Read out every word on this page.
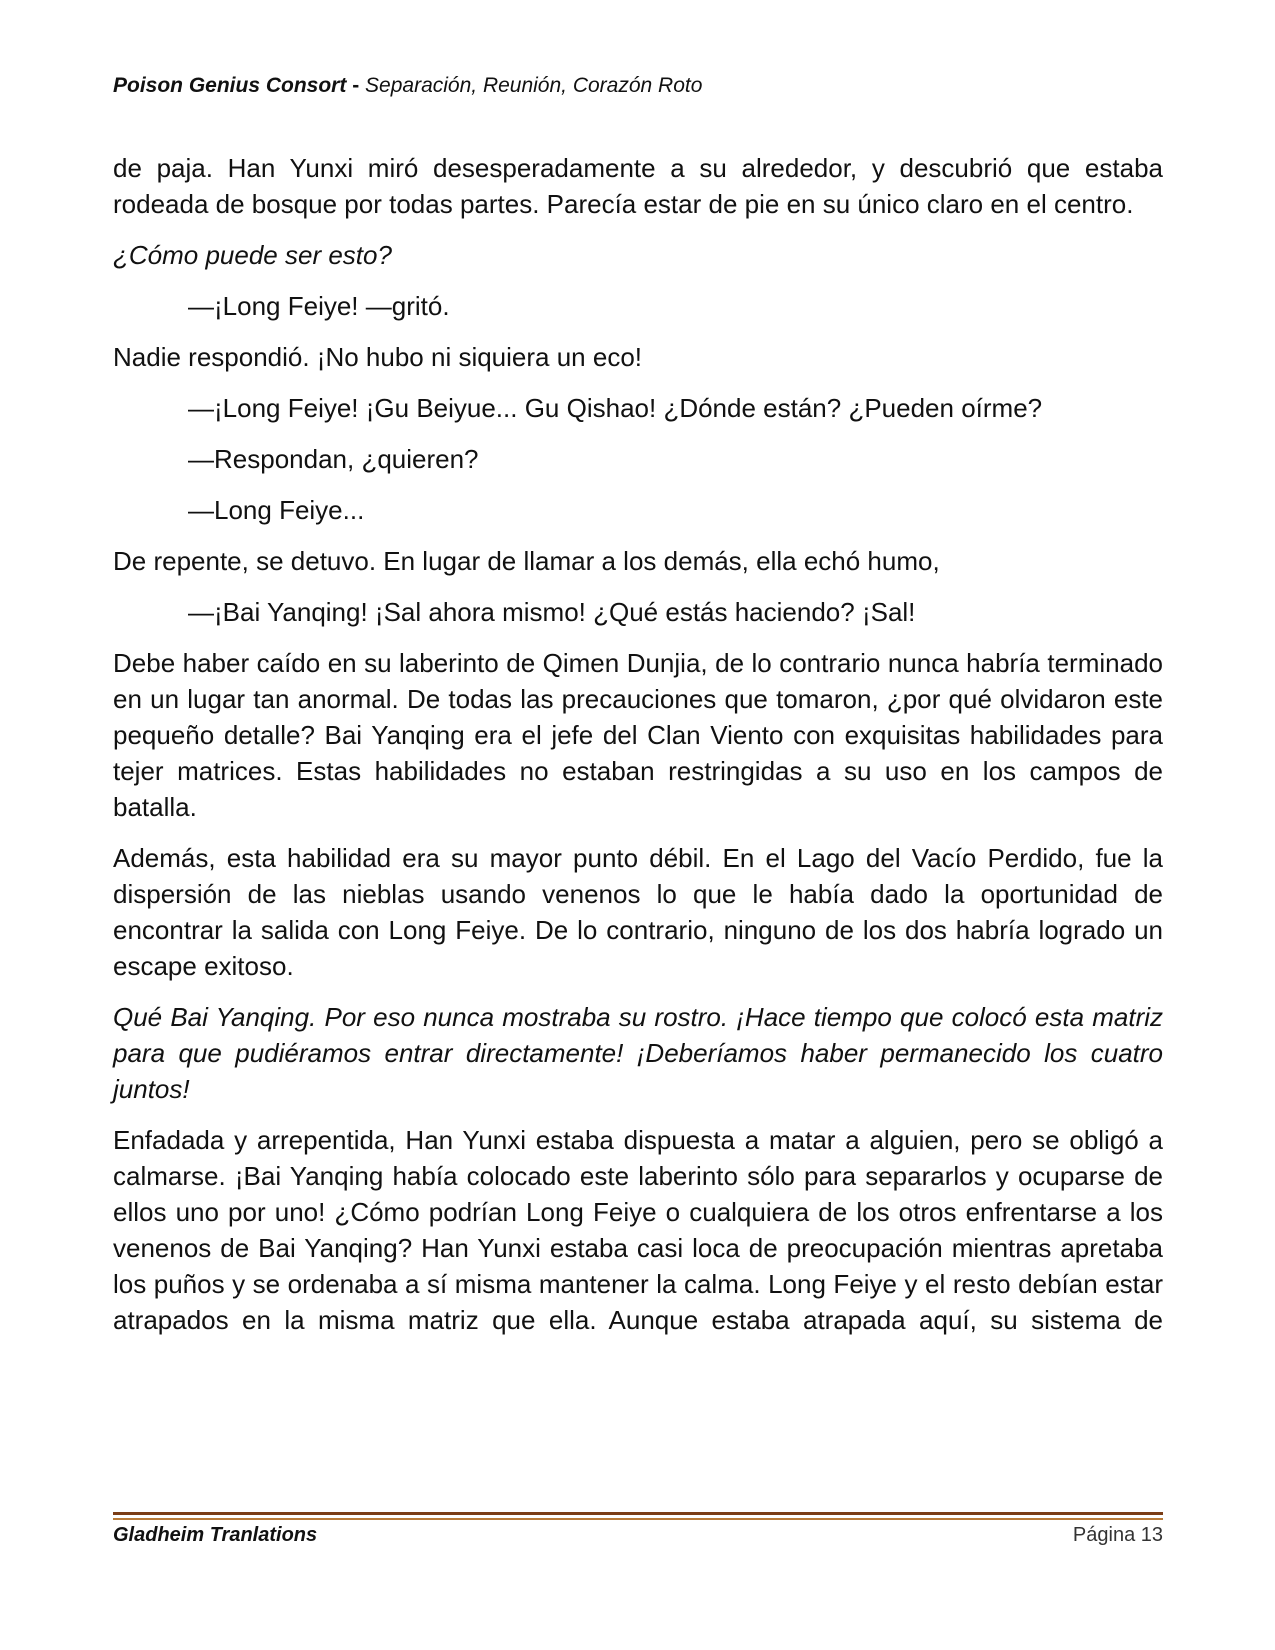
Poison Genius Consort - Separación, Reunión, Corazón Roto

de paja. Han Yunxi miró desesperadamente a su alrededor, y descubrió que estaba rodeada de bosque por todas partes. Parecía estar de pie en su único claro en el centro.

¿Cómo puede ser esto?

—¡Long Feiye! —gritó.

Nadie respondió. ¡No hubo ni siquiera un eco!

—¡Long Feiye! ¡Gu Beiyue... Gu Qishao! ¿Dónde están? ¿Pueden oírme?

—Respondan, ¿quieren?

—Long Feiye...

De repente, se detuvo. En lugar de llamar a los demás, ella echó humo,

—¡Bai Yanqing! ¡Sal ahora mismo! ¿Qué estás haciendo? ¡Sal!

Debe haber caído en su laberinto de Qimen Dunjia, de lo contrario nunca habría terminado en un lugar tan anormal. De todas las precauciones que tomaron, ¿por qué olvidaron este pequeño detalle? Bai Yanqing era el jefe del Clan Viento con exquisitas habilidades para tejer matrices. Estas habilidades no estaban restringidas a su uso en los campos de batalla.

Además, esta habilidad era su mayor punto débil. En el Lago del Vacío Perdido, fue la dispersión de las nieblas usando venenos lo que le había dado la oportunidad de encontrar la salida con Long Feiye. De lo contrario, ninguno de los dos habría logrado un escape exitoso.

Qué Bai Yanqing. Por eso nunca mostraba su rostro. ¡Hace tiempo que colocó esta matriz para que pudiéramos entrar directamente! ¡Deberíamos haber permanecido los cuatro juntos!

Enfadada y arrepentida, Han Yunxi estaba dispuesta a matar a alguien, pero se obligó a calmarse. ¡Bai Yanqing había colocado este laberinto sólo para separarlos y ocuparse de ellos uno por uno! ¿Cómo podrían Long Feiye o cualquiera de los otros enfrentarse a los venenos de Bai Yanqing? Han Yunxi estaba casi loca de preocupación mientras apretaba los puños y se ordenaba a sí misma mantener la calma. Long Feiye y el resto debían estar atrapados en la misma matriz que ella. Aunque estaba atrapada aquí, su sistema de

Gladheim Tranlations	Página 13
